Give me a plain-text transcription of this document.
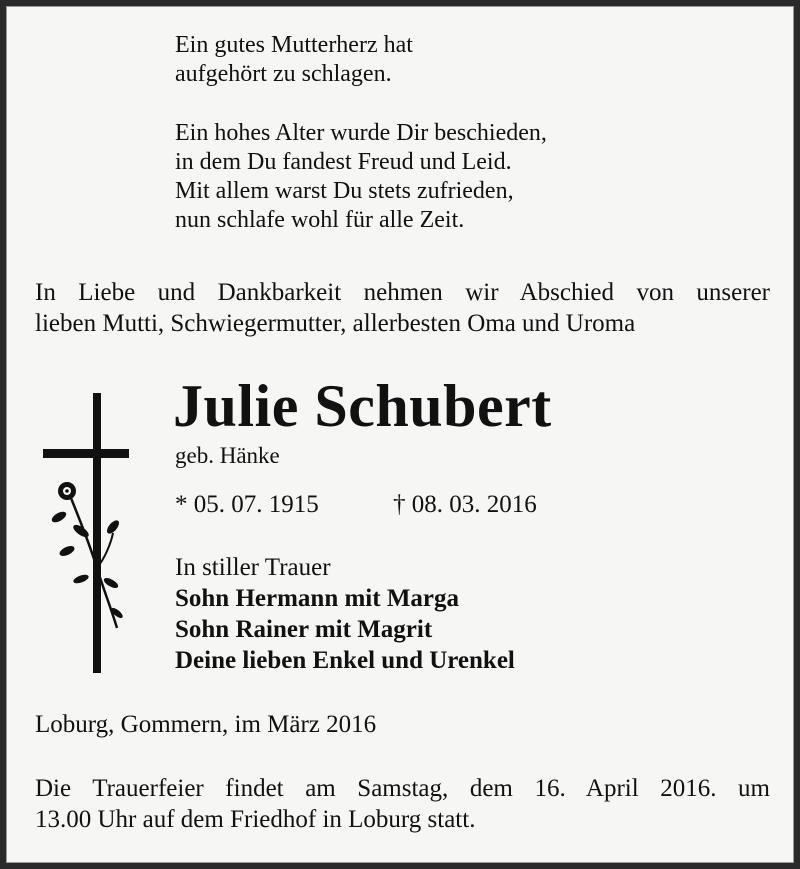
Ein gutes Mutterherz hat
aufgehört zu schlagen.
Ein hohes Alter wurde Dir beschieden,
in dem Du fandest Freud und Leid.
Mit allem warst Du stets zufrieden,
nun schlafe wohl für alle Zeit.
In Liebe und Dankbarkeit nehmen wir Abschied von unserer
lieben Mutti, Schwiegermutter, allerbesten Oma und Uroma
Julie Schubert
geb. Hänke
* 05. 07. 1915	† 08. 03. 2016
In stiller Trauer
Sohn Hermann mit Marga
Sohn Rainer mit Magrit
Deine lieben Enkel und Urenkel
Loburg, Gommern, im März 2016
Die Trauerfeier findet am Samstag, dem 16. April 2016. um
13.00 Uhr auf dem Friedhof in Loburg statt.
